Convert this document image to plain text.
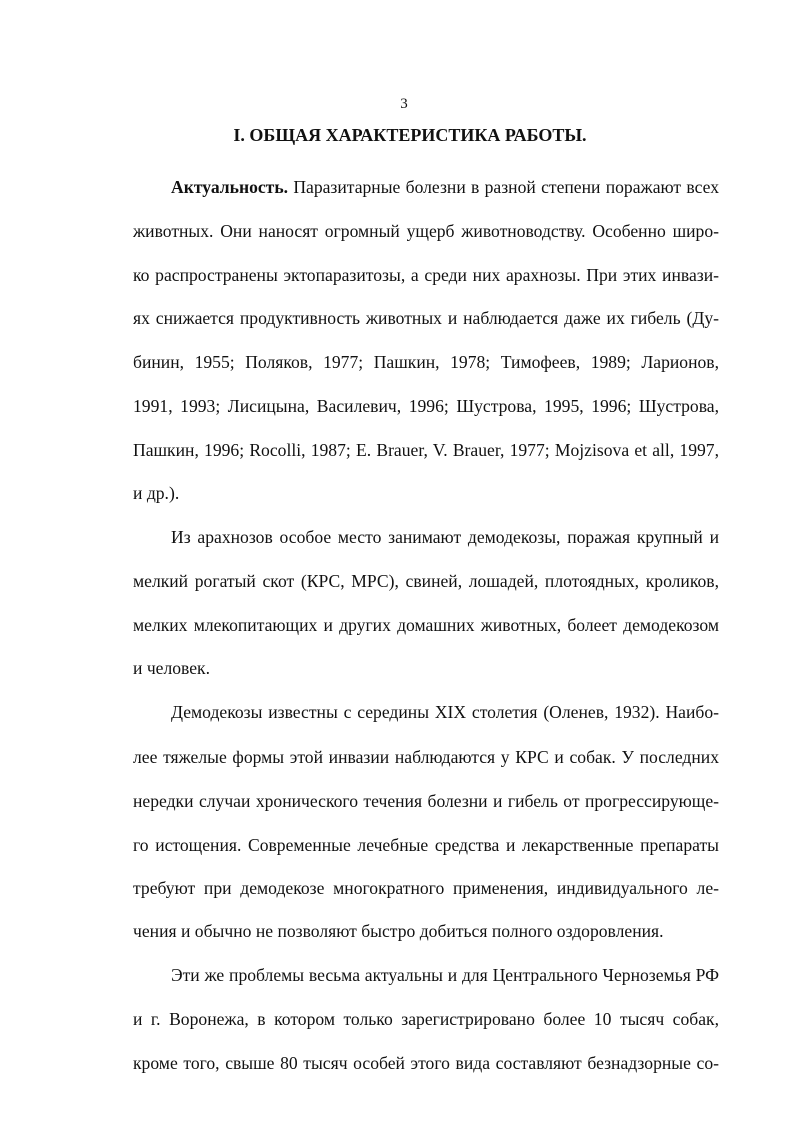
3
I. ОБЩАЯ ХАРАКТЕРИСТИКА РАБОТЫ.
Актуальность. Паразитарные болезни в разной степени поражают всех
животных. Они наносят огромный ущерб животноводству. Особенно широ-
ко распространены эктопаразитозы, а среди них арахнозы. При этих инвази-
ях снижается продуктивность животных и наблюдается даже их гибель (Ду-
бинин, 1955; Поляков, 1977; Пашкин, 1978; Тимофеев, 1989; Ларионов,
1991, 1993; Лисицына, Василевич, 1996; Шустрова, 1995, 1996; Шустрова,
Пашкин, 1996; Rocolli, 1987; E. Brauer, V. Brauer, 1977; Mojzisova et all, 1997,
и др.).
Из арахнозов особое место занимают демодекозы, поражая крупный и
мелкий рогатый скот (КРС, МРС), свиней, лошадей, плотоядных, кроликов,
мелких млекопитающих и других домашних животных, болеет демодекозом
и человек.
Демодекозы известны с середины XIX столетия (Оленев, 1932). Наибо-
лее тяжелые формы этой инвазии наблюдаются у КРС и собак. У последних
нередки случаи хронического течения болезни и гибель от прогрессирующе-
го истощения. Современные лечебные средства и лекарственные препараты
требуют при демодекозе многократного применения, индивидуального ле-
чения и обычно не позволяют быстро добиться полного оздоровления.
Эти же проблемы весьма актуальны и для Центрального Черноземья РФ
и г. Воронежа, в котором только зарегистрировано более 10 тысяч собак,
кроме того, свыше 80 тысяч особей этого вида составляют безнадзорные со-
